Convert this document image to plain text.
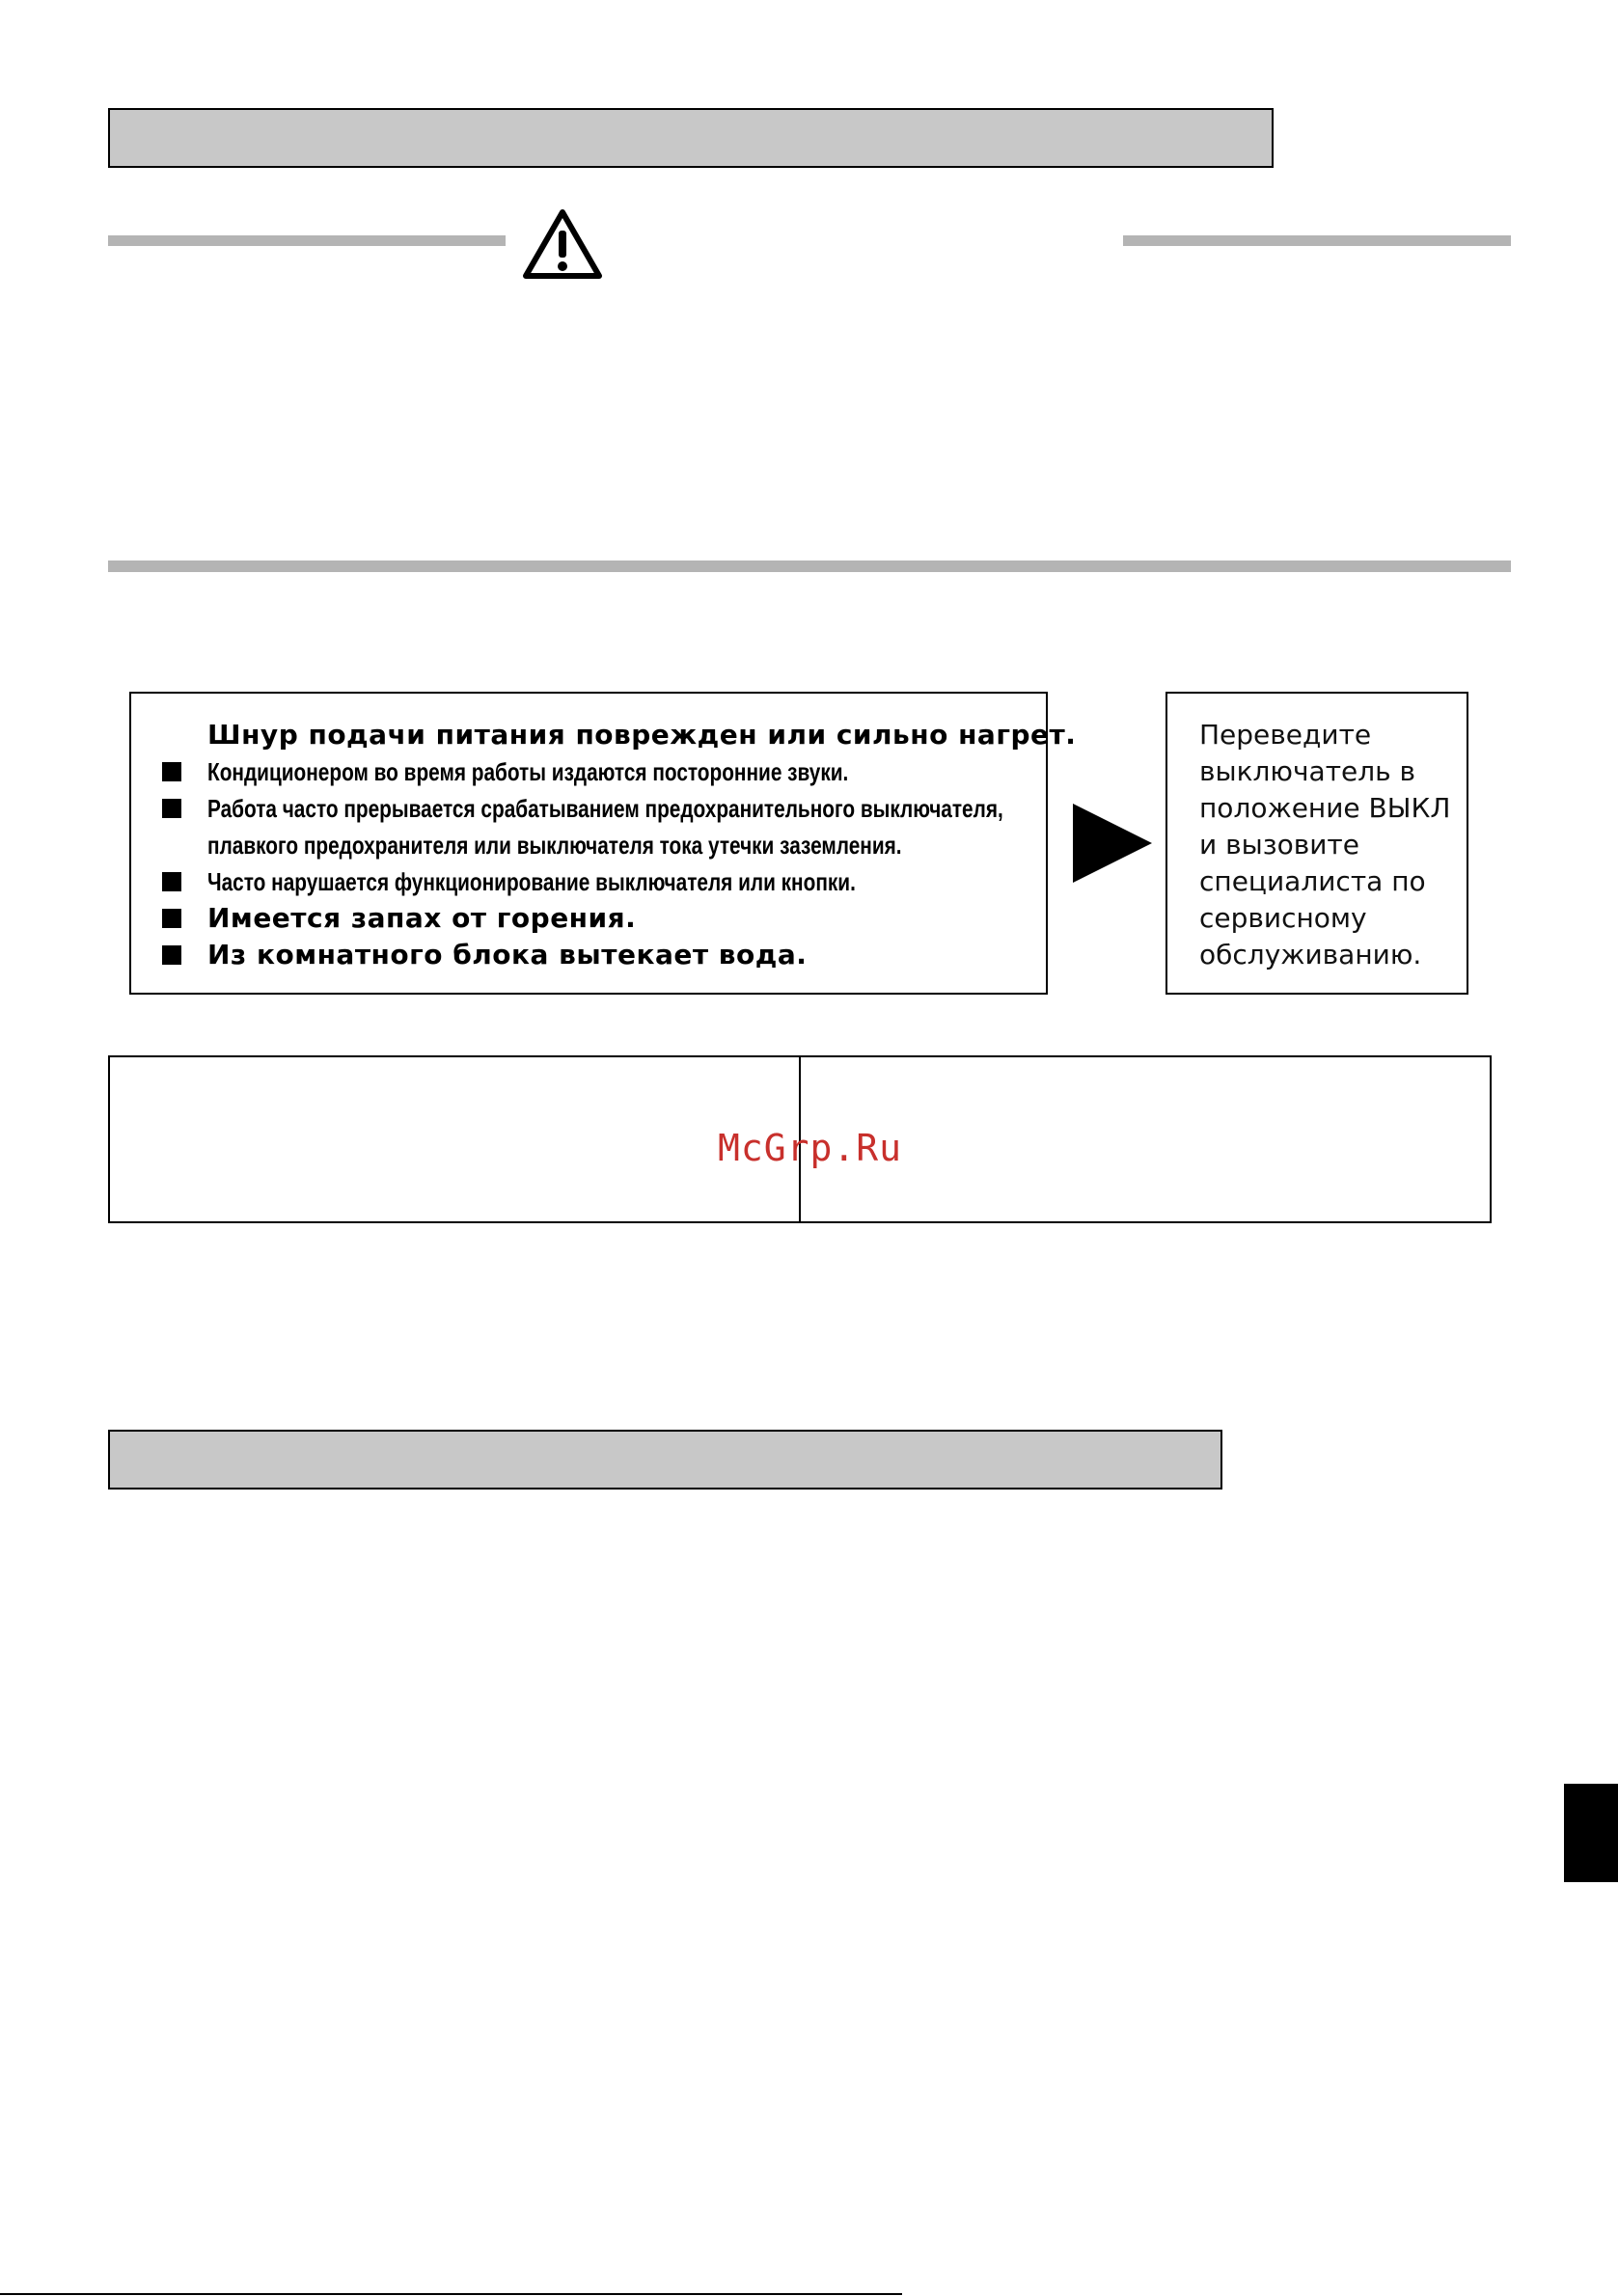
Шнур подачи питания поврежден или сильно нагрет.
Кондиционером во время работы издаются посторонние звуки.
Работа часто прерывается срабатыванием предохранительного выключателя,
плавкого предохранителя или выключателя тока утечки заземления.
Часто нарушается функционирование выключателя или кнопки.
Имеется запах от горения.
Из комнатного блока вытекает вода.
Переведите
выключатель в
положение ВЫКЛ
и вызовите
специалиста по
сервисному
обслуживанию.
McGrp.Ru
